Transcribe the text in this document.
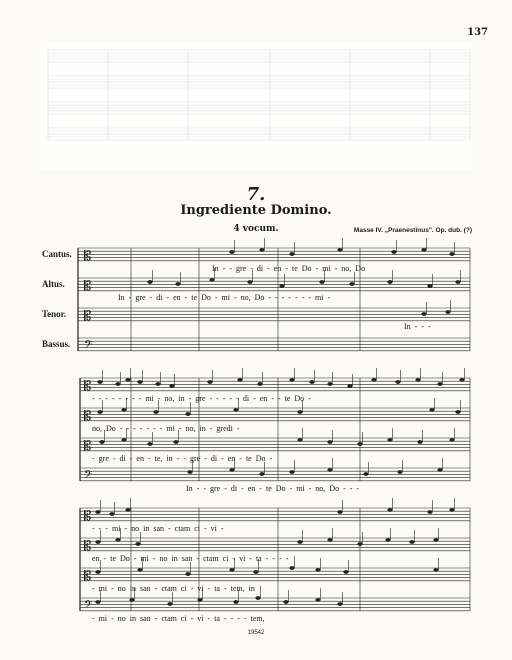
137
7.
Ingrediente Domino.
4 vocum.	Masse IV. „Praenestinus". Op. dub. (?)
Cantus.
Altus.
Tenor.
Bassus.
𝄡
𝄡
𝄡
𝄢
𝄡
𝄡
𝄡
𝄢
𝄡
𝄡
𝄡
𝄢
In - - gre - di - en - te Do - mi - no, Do
In - gre - di - en - te Do - mi - no, Do - - - - - - - mi -
In - - -
- - - - - - - - mi - no, in - gre - - - - - di - en - - te Do -
no, Do - - - - - - - mi - no, in - gredi -
- gre - di - en - te, in - - gre - di - en - te Do -
In - - gre - di - en - te Do - mi - no, Do - - -
- - - mi - no in san - ctam ci - vi -
en - te Do - mi - no in san - ctam ci - vi - ta - - - -
- mi - no in san - ctam ci - vi - ta - tem, in
- mi - no in san - ctam ci - vi - ta - - - - tem,
19542
